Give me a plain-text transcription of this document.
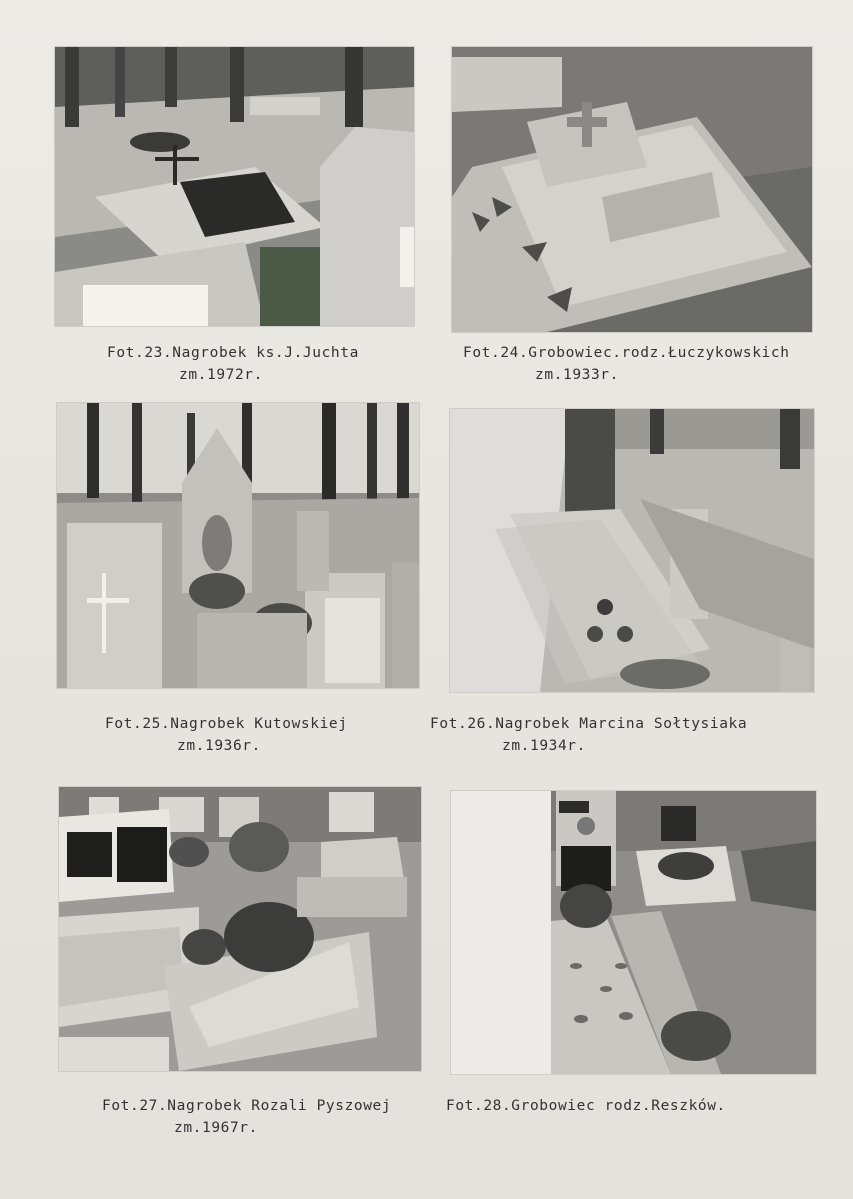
Fot.23.Nagrobek ks.J.Juchta
zm.1972r.
Fot.24.Grobowiec.rodz.Łuczykowskich
zm.1933r.
Fot.25.Nagrobek Kutowskiej
zm.1936r.
Fot.26.Nagrobek Marcina Sołtysiaka
zm.1934r.
Fot.27.Nagrobek Rozali Pyszowej
zm.1967r.
Fot.28.Grobowiec rodz.Reszków.
